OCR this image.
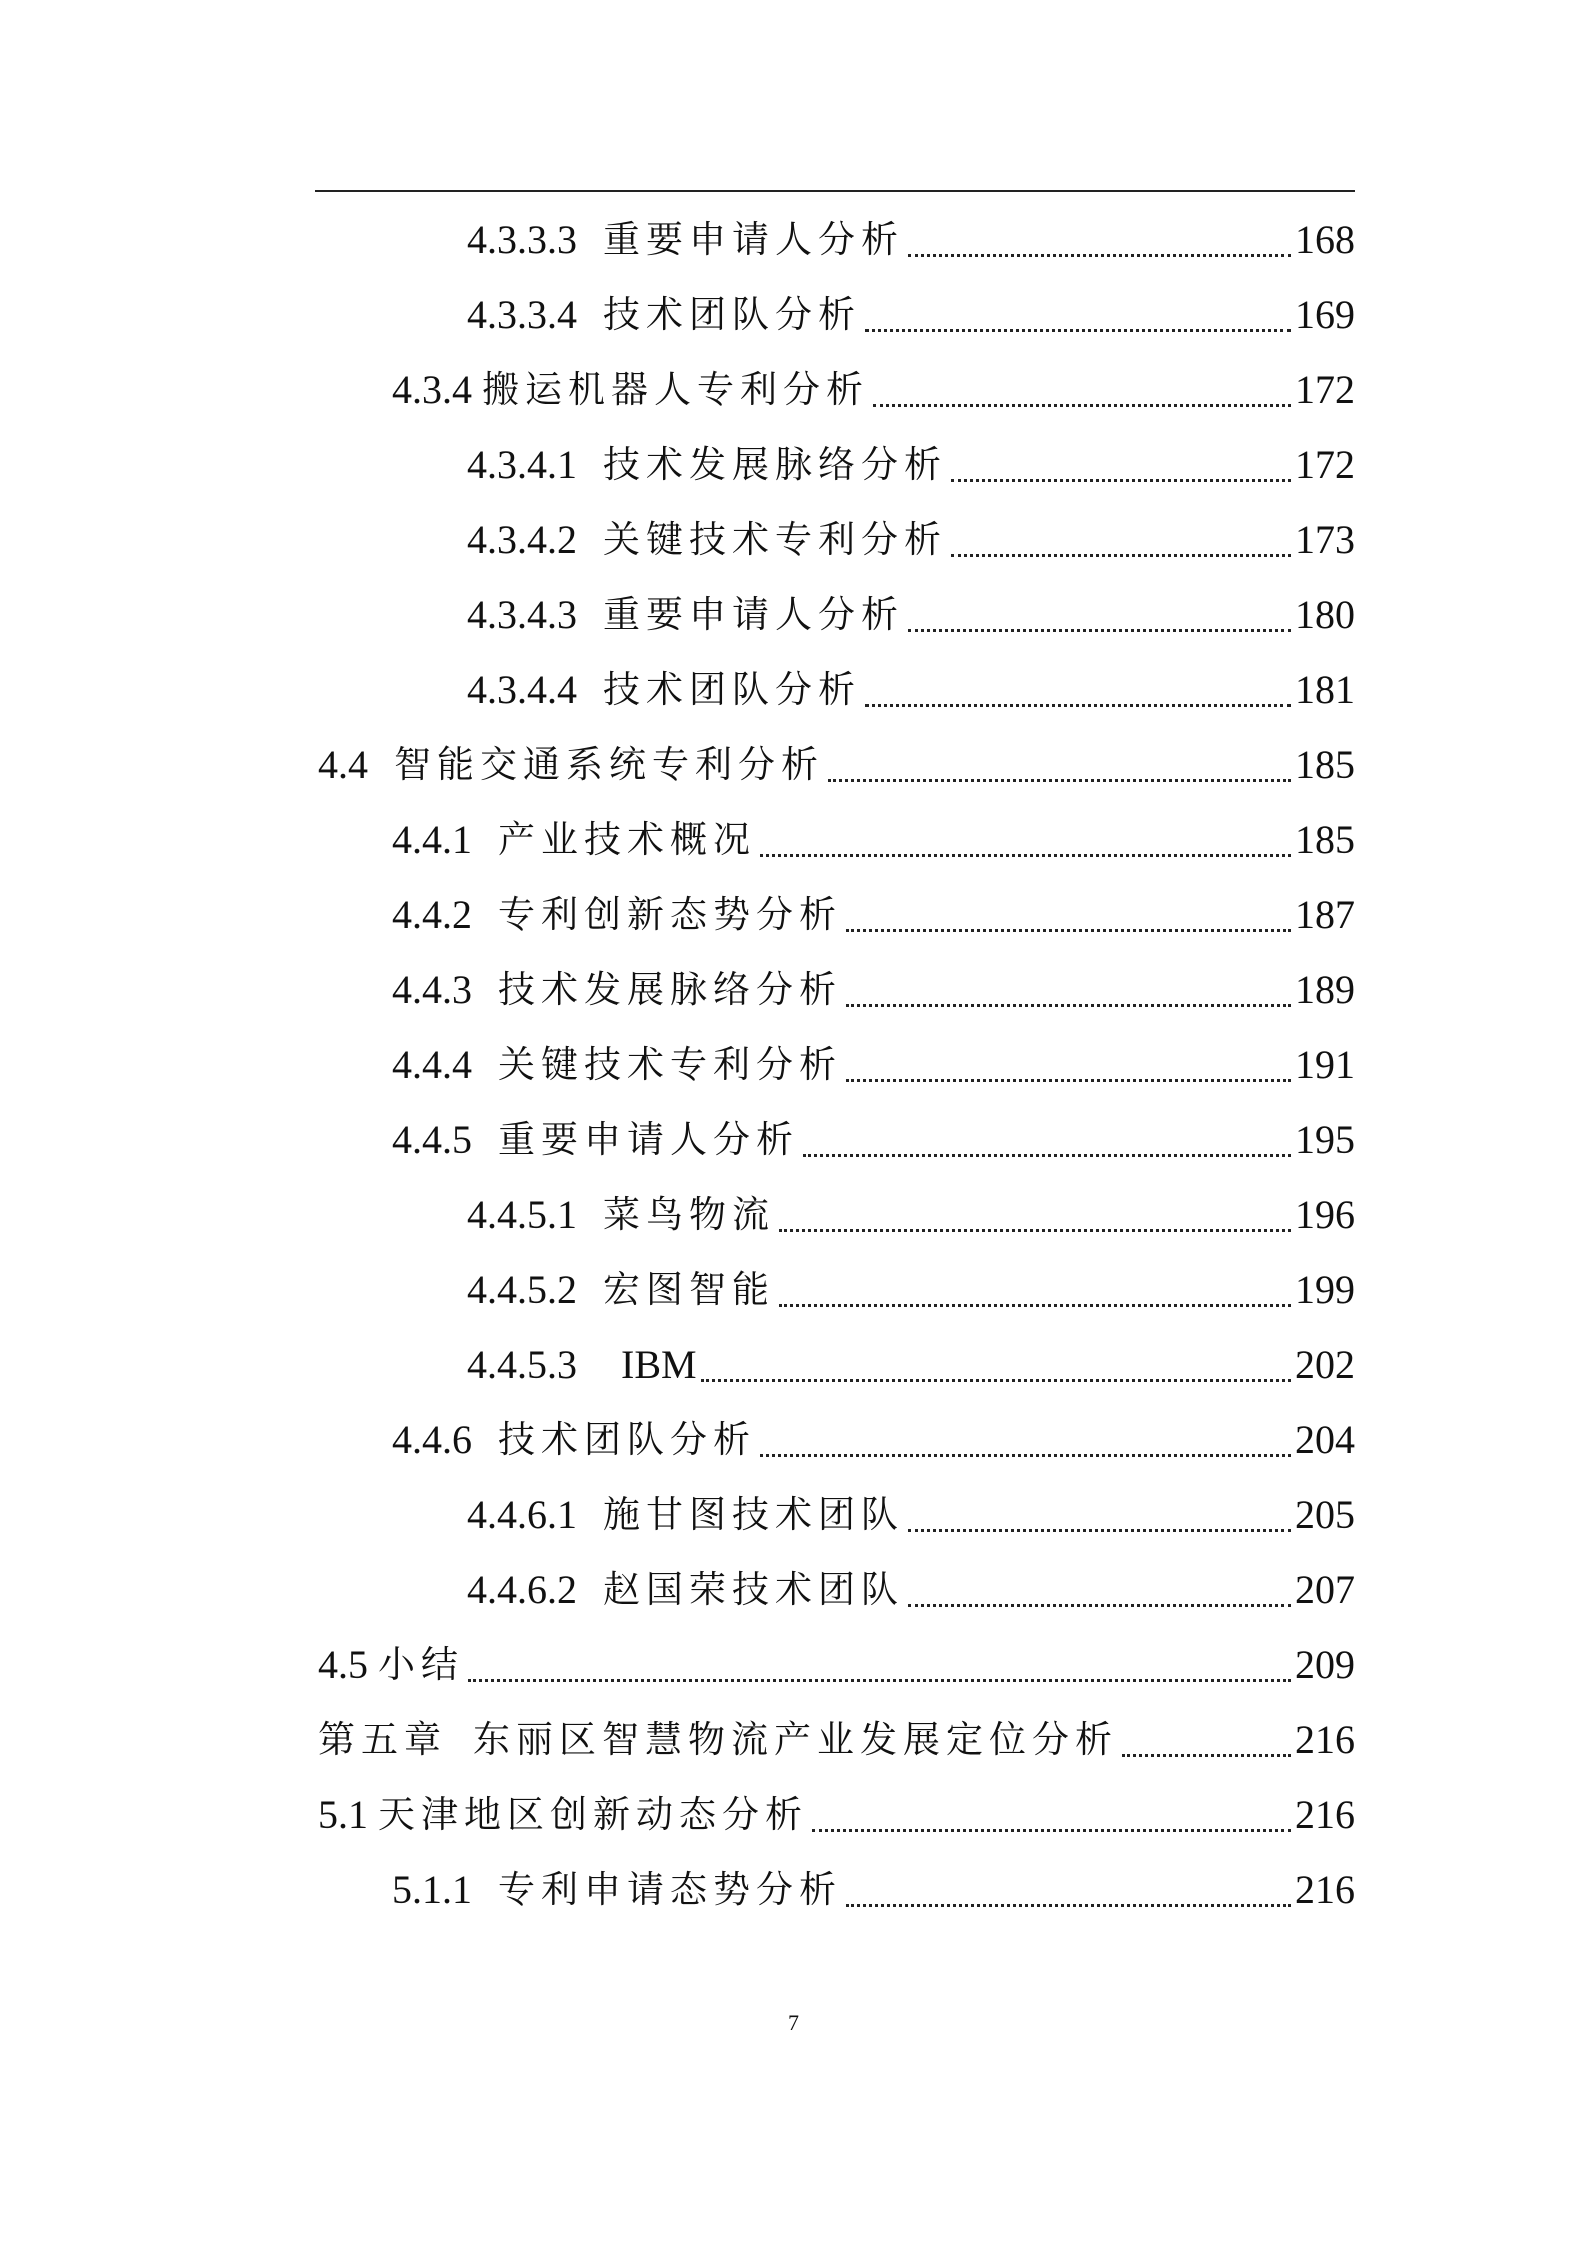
4.3.3.3 重要申请人分析	168
4.3.3.4 技术团队分析	169
4.3.4 搬运机器人专利分析	172
4.3.4.1 技术发展脉络分析	172
4.3.4.2 关键技术专利分析	173
4.3.4.3 重要申请人分析	180
4.3.4.4 技术团队分析	181
4.4 智能交通系统专利分析	185
4.4.1 产业技术概况	185
4.4.2 专利创新态势分析	187
4.4.3 技术发展脉络分析	189
4.4.4 关键技术专利分析	191
4.4.5 重要申请人分析	195
4.4.5.1 菜鸟物流	196
4.4.5.2 宏图智能	199
4.4.5.3 IBM	202
4.4.6 技术团队分析	204
4.4.6.1 施甘图技术团队	205
4.4.6.2 赵国荣技术团队	207
4.5 小结	209
第五章 东丽区智慧物流产业发展定位分析	216
5.1 天津地区创新动态分析	216
5.1.1 专利申请态势分析	216
7
